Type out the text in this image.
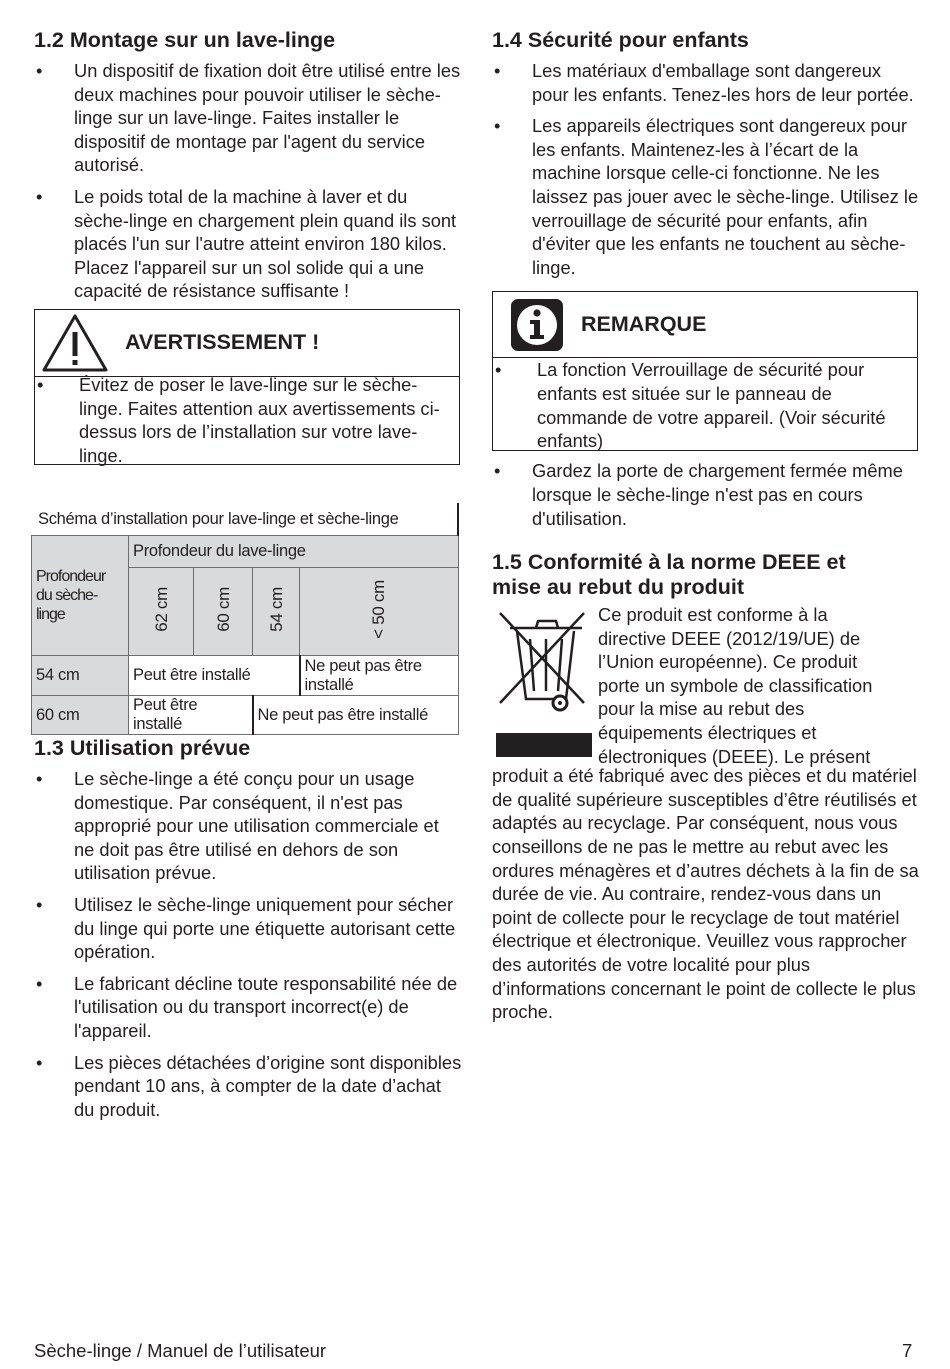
1.2 Montage sur un lave-linge
• Un dispositif de fixation doit être utilisé entre les deux machines pour pouvoir utiliser le sèche-linge sur un lave-linge. Faites installer le dispositif de montage par l'agent du service autorisé.
• Le poids total de la machine à laver et du sèche-linge en chargement plein quand ils sont placés l'un sur l'autre atteint environ 180 kilos. Placez l'appareil sur un sol solide qui a une capacité de résistance suffisante !
AVERTISSEMENT !
• Évitez de poser le lave-linge sur le sèche-linge. Faites attention aux avertissements ci-dessus lors de l’installation sur votre lave-linge.
Schéma d’installation pour lave-linge et sèche-linge				
Profondeur du sèche-linge	Profondeur du lave-linge			
	62 cm	60 cm	54 cm	< 50 cm
54 cm	Peut être installé			Ne peut pas être installé
60 cm	Peut être installé		Ne peut pas être installé	
1.3 Utilisation prévue
• Le sèche-linge a été conçu pour un usage domestique. Par conséquent, il n'est pas approprié pour une utilisation commerciale et ne doit pas être utilisé en dehors de son utilisation prévue.
• Utilisez le sèche-linge uniquement pour sécher du linge qui porte une étiquette autorisant cette opération.
• Le fabricant décline toute responsabilité née de l'utilisation ou du transport incorrect(e) de l'appareil.
• Les pièces détachées d’origine sont disponibles pendant 10 ans, à compter de la date d’achat du produit.
1.4 Sécurité pour enfants
• Les matériaux d'emballage sont dangereux pour les enfants. Tenez-les hors de leur portée.
• Les appareils électriques sont dangereux pour les enfants. Maintenez-les à l’écart de la machine lorsque celle-ci fonctionne. Ne les laissez pas jouer avec le sèche-linge. Utilisez le verrouillage de sécurité pour enfants, afin d'éviter que les enfants ne touchent au sèche-linge.
REMARQUE
• La fonction Verrouillage de sécurité pour enfants est située sur le panneau de commande de votre appareil. (Voir sécurité enfants)
• Gardez la porte de chargement fermée même lorsque le sèche-linge n'est pas en cours d'utilisation.
1.5 Conformité à la norme DEEE et
mise au rebut du produit

Ce produit est conforme à la

directive DEEE (2012/19/UE) de

l’Union européenne). Ce produit

porte un symbole de classification

pour la mise au rebut des

équipements électriques et

électroniques (DEEE). Le présent

produit a été fabriqué avec des pièces et du matériel de qualité supérieure susceptibles d’être réutilisés et adaptés au recyclage. Par conséquent, nous vous conseillons de ne pas le mettre au rebut avec les ordures ménagères et d’autres déchets à la fin de sa durée de vie. Au contraire, rendez-vous dans un point de collecte pour le recyclage de tout matériel électrique et électronique. Veuillez vous rapprocher des autorités de votre localité pour plus d’informations concernant le point de collecte le plus proche.

Sèche-linge / Manuel de l’utilisateur	7
